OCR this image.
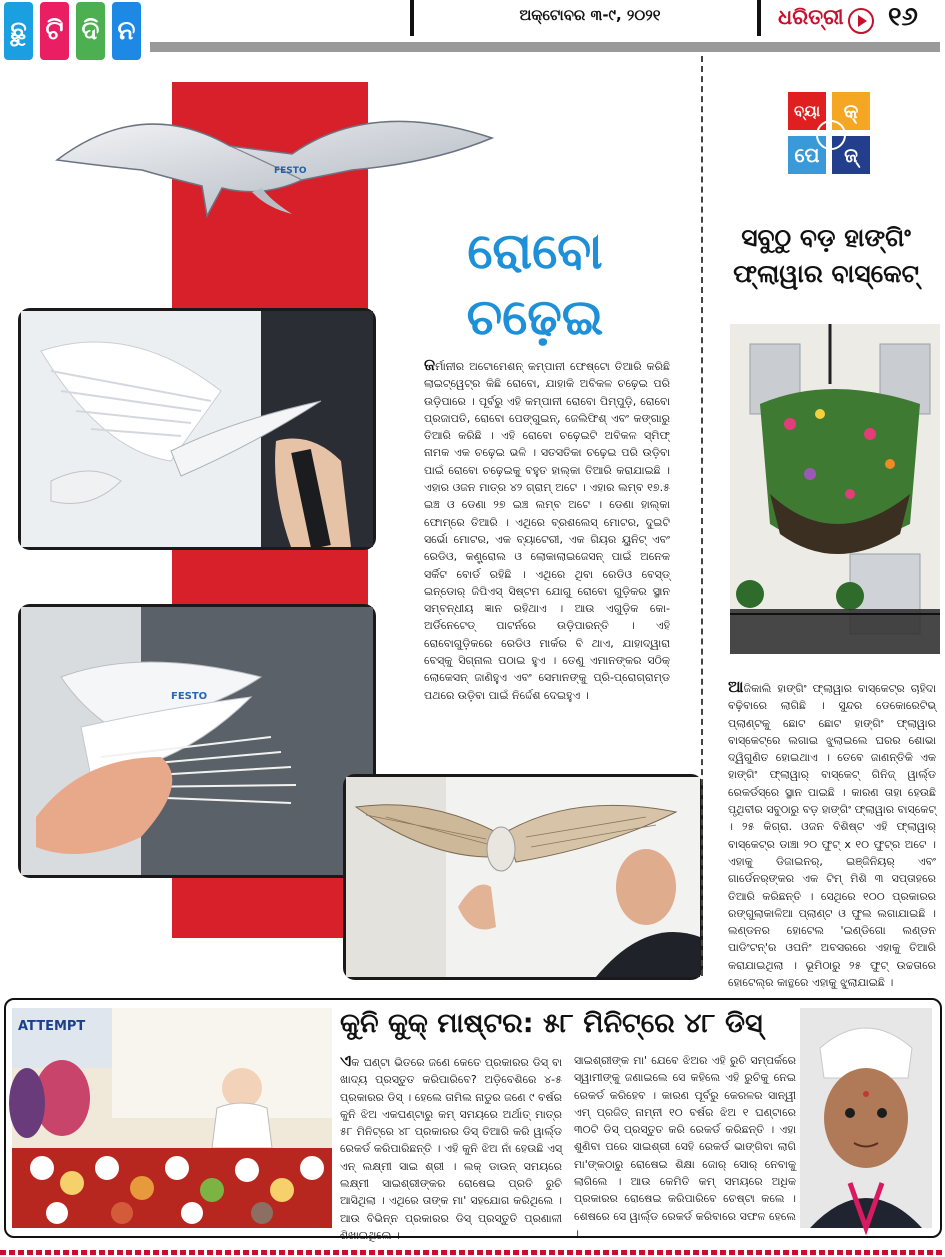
ଛୁ ଟି ଦି ନ
ଅକ୍ଟୋବର ୩-୯, ୨୦୨୧	ଧରିତ୍ରୀ ୧୬
FESTO
FESTO
ରୋବୋ
ଚଢ଼େଇ
ଜର୍ମାନୀର ଅଟୋମେଶନ୍ କମ୍ପାନୀ ଫେଷ୍ଟୋ ତିଆରି କରିଛି ଲାଇଟ୍‌ୱେଟ୍‌ର କିଛି ରୋବୋ, ଯାହାକି ଅବିକଳ ଚଢ଼େଇ ପରି ଉଡ଼ିପାରେ । ପୂର୍ବରୁ ଏହି କମ୍ପାନୀ ରୋବୋ ପିମ୍ପୁଡ଼ି, ରୋବୋ ପ୍ରଜାପତି, ରୋବୋ ପେଙ୍ଗୁଇନ୍, ଜେଲିଫିଶ୍ ଏବଂ କଙ୍ଗାରୁ ତିଆରି କରିଛି । ଏହି ରୋବୋ ଚଢ଼େଇଟି ଅବିକଳ ସ୍ମିଫ୍ ନାମକ ଏକ ଚଢ଼େଇ ଭଳି । ସତସତିକା ଚଢ଼େଇ ପରି ଉଡ଼ିବା ପାଇଁ ରୋବୋ ଚଢ଼େଇକୁ ବହୁତ ହାଲ୍‌କା ତିଆରି କରାଯାଇଛି । ଏହାର ଓଜନ ମାତ୍ର ୪୨ ଗ୍ରାମ୍ ଅଟେ । ଏହାର ଲମ୍ବ ୧୭.୫ ଇଞ୍ଚ ଓ ଡେଣା ୨୭ ଇଞ୍ଚ ଲମ୍ବ ଅଟେ । ଡେଣା ହାଲ୍‌କା ଫୋମ୍‌ରେ ତିଆରି । ଏଥିରେ ବ୍ରଶଲେସ୍ ମୋଟର, ଦୁଇଟି ସର୍ଭୋ ମୋଟର, ଏକ ବ୍ୟାଟେରୀ, ଏକ ଗିୟର ୟୁନିଟ୍ ଏବଂ ରେଡିଓ, କଣ୍ଟ୍ରୋଲ ଓ ଲୋକାଲାଇଜେସନ୍ ପାଇଁ ଅନେକ ସର୍କିଟ ବୋର୍ଡ ରହିଛି । ଏଥିରେ ଥିବା ରେଡିଓ ବେସ୍‌ଡ୍ ଇନ୍‌ଡୋର୍ ଜିପିଏସ୍ ସିଷ୍ଟମ ଯୋଗୁ ରୋବୋ ଗୁଡ଼ିକର ସ୍ଥାନ ସମ୍ବନ୍ଧୀୟ ଜ୍ଞାନ ରହିଥାଏ । ଆଉ ଏଗୁଡ଼ିକ କୋ-ଅର୍ଡିନେଟେଡ୍ ପାଟର୍ନରେ ଉଡ଼ିପାରନ୍ତି । ଏହି ରୋବୋଗୁଡ଼ିକରେ ରେଡିଓ ମାର୍କର ବି ଥାଏ, ଯାହାଦ୍ୱାରା ବେସ୍‌କୁ ସିଗ୍ନାଲ ପଠାଇ ହୁଏ । ତେଣୁ ଏମାନଙ୍କର ସଠିକ୍ ଲୋକେସନ୍ ଜାଣିହୁଏ ଏବଂ ସେମାନଙ୍କୁ ପ୍ରି-ପ୍ରୋଗ୍ରାମ୍ଡ ପଥରେ ଉଡ଼ିବା ପାଇଁ ନିର୍ଦ୍ଦେଶ ଦେଇହୁଏ ।
ବ୍ୟା କ୍
ପେ ଜ୍
ସବୁଠୁ ବଡ଼ ହାଙ୍ଗିଂ
ଫ୍ଲାୱାର ବାସ୍କେଟ୍
ଆଜିକାଲି ହାଙ୍ଗିଂ ଫ୍ଲାୱାର ବାସ୍କେଟ୍‌ର ଚାହିଦା ବଢ଼ିବାରେ ଲାଗିଛି । ସୁନ୍ଦର ଡେକୋରେଟିଭ୍ ପ୍ଲାଣ୍ଟକୁ ଛୋଟ ଛୋଟ ହାଙ୍ଗିଂ ଫ୍ଲାୱାର ବାସ୍କେଟ୍‌ରେ ଲଗାଇ ଝୁଲାଇଲେ ଘରର ଶୋଭା ଦ୍ୱିଗୁଣିତ ହୋଇଥାଏ । ତେବେ ଜାଣନ୍ତିକି ଏକ ହାଙ୍ଗିଂ ଫ୍ଲାୱାର୍ ବାସ୍କେଟ୍ ଗିନିଜ୍ ୱାର୍ଲ୍ଡ ରେକର୍ଡସ୍‌ରେ ସ୍ଥାନ ପାଇଛି । କାରଣ ତାହା ହେଉଛି ପୃଥିବୀର ସବୁଠାରୁ ବଡ଼ ହାଙ୍ଗିଂ ଫ୍ଲାୱାର ବାସ୍କେଟ୍ । ୨୫ କିଗ୍ରା. ଓଜନ ବିଶିଷ୍ଟ ଏହି ଫ୍ଲାୱାର୍ ବାସ୍କେଟ୍‌ର ଡାଞ୍ଚା ୨୦ ଫୁଟ୍ x ୧୦ ଫୁଟ୍‌ର ଅଟେ । ଏହାକୁ ଡିଜାଇନର୍, ଇଞ୍ଜିନିୟର୍ ଏବଂ ଗାର୍ଡେନର୍‌ଙ୍କର ଏକ ଟିମ୍ ମିଶି ୩ ସପ୍ତାହରେ ତିଆରି କରିଛନ୍ତି । ସେଥିରେ ୧୦୦ ପ୍ରକାରର ରଙ୍ଗୁଲାକାଳିଆ ପ୍ଲାଣ୍ଟ ଓ ଫୁଲ ଲଗାଯାଇଛି । ଲଣ୍ଡନର ହୋଟେଲ 'ଇଣ୍ଡିଗୋ ଲଣ୍ଡନ ପାଡିଂଟନ୍'ର ଓପନିଂ ଅବସରରେ ଏହାକୁ ତିଆରି କରାଯାଇଥିଲା । ଭୂମିଠାରୁ ୨୫ ଫୁଟ୍ ଉଚ୍ଚତାରେ ହୋଟେଲ୍‌ର କାନ୍ଥରେ ଏହାକୁ ଝୁଲାଯାଇଛି ।
ATTEMPT	କୁନି କୁକ୍ ମାଷ୍ଟର: ୫୮ ମିନିଟ୍‌ରେ ୪୮ ଡିସ୍
ଏକ ଘଣ୍ଟା ଭିତରେ ଜଣେ କେତେ ପ୍ରକାରର ଡିସ୍ ବା ଖାଦ୍ୟ ପ୍ରସ୍ତୁତ କରିପାରିବେ? ଅଡ଼ିବେଶିରେ ୪-୫ ପ୍ରକାରର ଡିସ୍ । ହେଲେ ତାମିଲ ନାଡୁର ଜଣେ ୯ ବର୍ଷର କୁନି ଝିଅ ଏକଘଣ୍ଟାରୁ କମ୍ ସମୟରେ ଅର୍ଥାତ୍ ମାତ୍ର ୫୮ ମିନିଟ୍‌ରେ ୪୮ ପ୍ରକାରର ଡିସ୍ ତିଆରି କରି ୱାର୍ଲ୍ଡ ରେକର୍ଡ କରିପାରିଛନ୍ତି । ଏହି କୁନି ଝିଅ ନାଁ ହେଉଛି ଏସ୍ ଏନ୍ ଲକ୍ଷ୍ମୀ ସାଇ ଶ୍ରୀ । ଲକ୍ ଡାଉନ୍ ସମୟରେ ଲକ୍ଷ୍ମୀ ସାଇଶ୍ରୀଙ୍କର ରୋଷେଇ ପ୍ରତି ରୁଚି ଆସିଥିଲା । ଏଥିରେ ତାଙ୍କ ମା' ସହଯୋଗ କରିଥିଲେ । ଆଉ ବିଭିନ୍ନ ପ୍ରକାରର ଡିସ୍ ପ୍ରସ୍ତୁତି ପ୍ରଣାଳୀ ଶିଖାଇଥିଲେ ।
ସାଇଶ୍ରୀଙ୍କ ମା' ଯେବେ ଝିଅର ଏହି ରୁଚି ସମ୍ପର୍କରେ ସ୍ୱାମୀଙ୍କୁ ଜଣାଇଲେ ସେ କହିଲେ ଏହି ରୁଚିକୁ ନେଇ ରେକର୍ଡ କରିହେବ । କାରଣ ପୂର୍ବରୁ କେରଳର ସାନ୍ୱୀ ଏମ୍ ପ୍ରଜିତ୍ ନାମ୍ନୀ ୧୦ ବର୍ଷର ଝିଅ ୧ ଘଣ୍ଟାରେ ୩୦ଟି ଡିସ୍ ପ୍ରସ୍ତୁତ କରି ରେକର୍ଡ କରିଛନ୍ତି । ଏହା ଶୁଣିବା ପରେ ସାଇଶ୍ରୀ ସେହି ରେକର୍ଡ ଭାଙ୍ଗିବା ଲାଗି ମା'ଙ୍କଠାରୁ ରୋଷେଇ ଶିକ୍ଷା ଜୋର୍ ସୋର୍ ନେବାକୁ ଲାଗିଲେ । ଆଉ କେମିତି କମ୍ ସମୟରେ ଅଧିକ ପ୍ରକାରର ରୋଷେଇ କରିପାରିବେ ଚେଷ୍ଟା କଲେ । ଶେଷରେ ସେ ୱାର୍ଲ୍ଡ ରେକର୍ଡ କରିବାରେ ସଫଳ ହେଲେ ।
